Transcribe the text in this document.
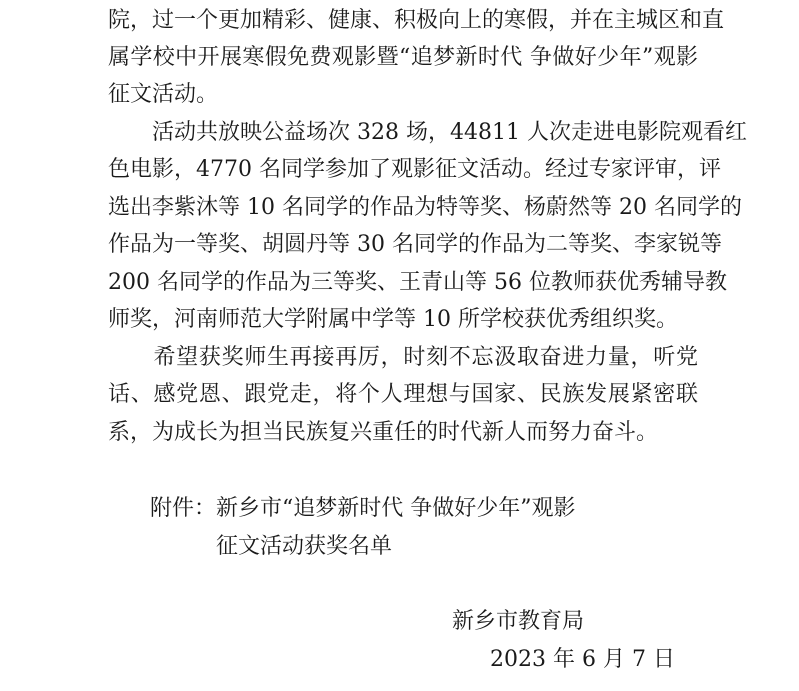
院，过一个更加精彩、健康、积极向上的寒假，并在主城区和直
属学校中开展寒假免费观影暨“追梦新时代 争做好少年”观影
征文活动。
　　活动共放映公益场次 328 场，44811 人次走进电影院观看红
色电影，4770 名同学参加了观影征文活动。经过专家评审，评
选出李紫沐等 10 名同学的作品为特等奖、杨蔚然等 20 名同学的
作品为一等奖、胡圆丹等 30 名同学的作品为二等奖、李家锐等
200 名同学的作品为三等奖、王青山等 56 位教师获优秀辅导教
师奖，河南师范大学附属中学等 10 所学校获优秀组织奖。
　　希望获奖师生再接再厉，时刻不忘汲取奋进力量，听党
话、感党恩、跟党走，将个人理想与国家、民族发展紧密联
系，为成长为担当民族复兴重任的时代新人而努力奋斗。
附件：新乡市“追梦新时代 争做好少年”观影
征文活动获奖名单
新乡市教育局
2023 年 6 月 7 日
